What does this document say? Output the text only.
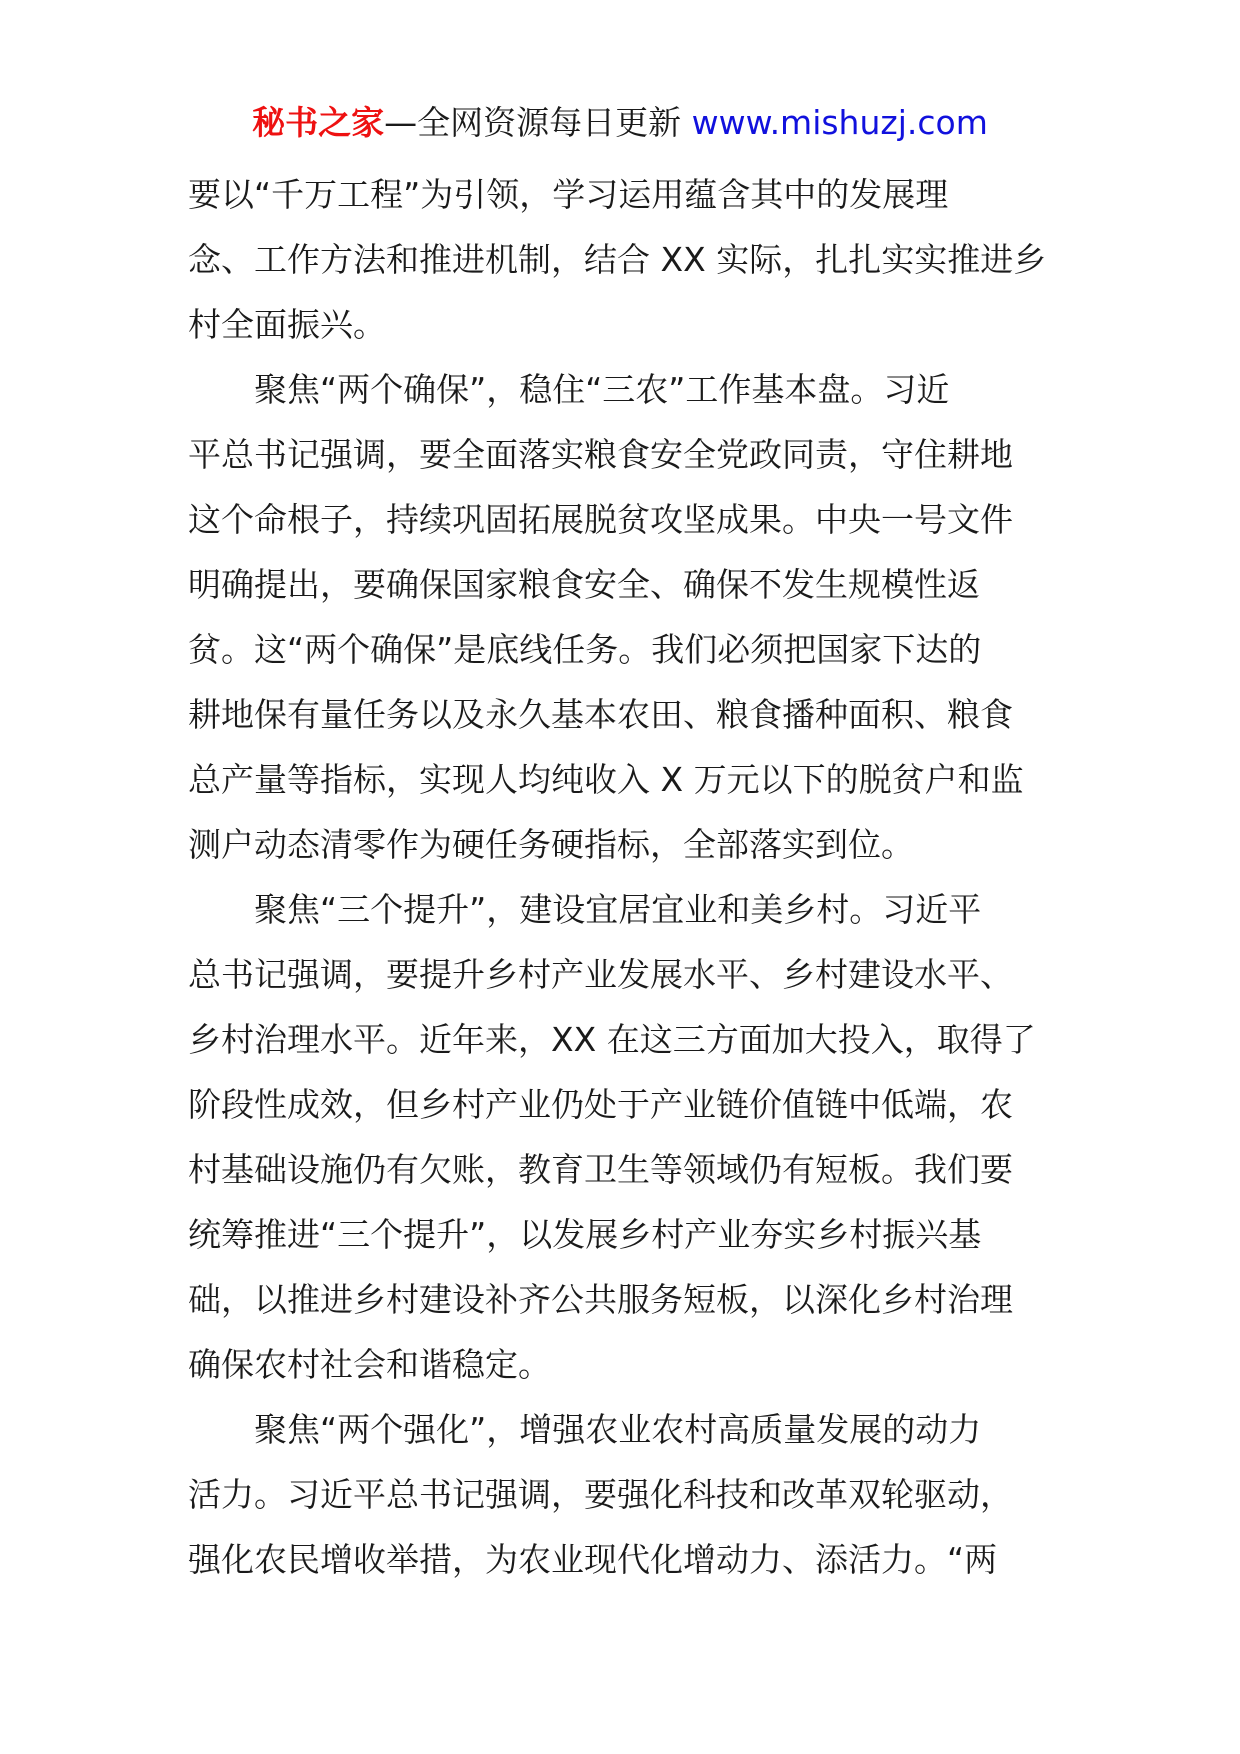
秘书之家—全网资源每日更新 www.mishuzj.com
要以“千万工程”为引领，学习运用蕴含其中的发展理
念、工作方法和推进机制，结合 XX 实际，扎扎实实推进乡
村全面振兴。
　　聚焦“两个确保”，稳住“三农”工作基本盘。习近
平总书记强调，要全面落实粮食安全党政同责，守住耕地
这个命根子，持续巩固拓展脱贫攻坚成果。中央一号文件
明确提出，要确保国家粮食安全、确保不发生规模性返
贫。这“两个确保”是底线任务。我们必须把国家下达的
耕地保有量任务以及永久基本农田、粮食播种面积、粮食
总产量等指标，实现人均纯收入 X 万元以下的脱贫户和监
测户动态清零作为硬任务硬指标，全部落实到位。
　　聚焦“三个提升”，建设宜居宜业和美乡村。习近平
总书记强调，要提升乡村产业发展水平、乡村建设水平、
乡村治理水平。近年来，XX 在这三方面加大投入，取得了
阶段性成效，但乡村产业仍处于产业链价值链中低端，农
村基础设施仍有欠账，教育卫生等领域仍有短板。我们要
统筹推进“三个提升”，以发展乡村产业夯实乡村振兴基
础，以推进乡村建设补齐公共服务短板，以深化乡村治理
确保农村社会和谐稳定。
　　聚焦“两个强化”，增强农业农村高质量发展的动力
活力。习近平总书记强调，要强化科技和改革双轮驱动，
强化农民增收举措，为农业现代化增动力、添活力。“两
